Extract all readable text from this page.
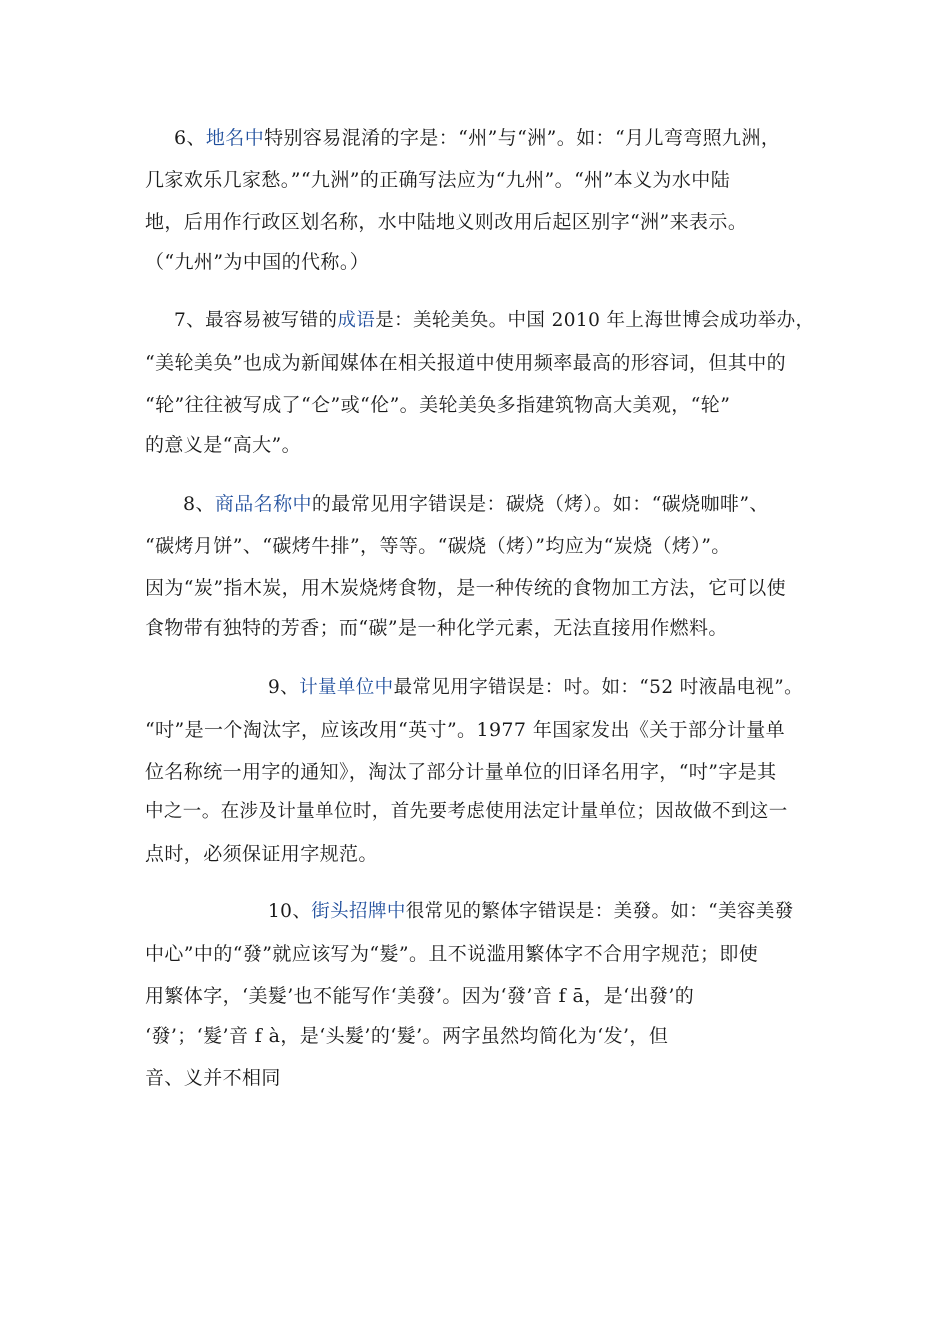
6、地名中特别容易混淆的字是：“州”与“洲”。如：“月儿弯弯照九洲，
几家欢乐几家愁。”“九洲”的正确写法应为“九州”。“州”本义为水中陆
地，后用作行政区划名称，水中陆地义则改用后起区别字“洲”来表示。
（“九州”为中国的代称。）
7、最容易被写错的成语是：美轮美奂。中国 2010 年上海世博会成功举办，
“美轮美奂”也成为新闻媒体在相关报道中使用频率最高的形容词，但其中的
“轮”往往被写成了“仑”或“伦”。美轮美奂多指建筑物高大美观，“轮”
的意义是“高大”。
8、商品名称中的最常见用字错误是：碳烧（烤）。如：“碳烧咖啡”、
“碳烤月饼”、“碳烤牛排”，等等。“碳烧（烤）”均应为“炭烧（烤）”。
因为“炭”指木炭，用木炭烧烤食物，是一种传统的食物加工方法，它可以使
食物带有独特的芳香；而“碳”是一种化学元素，无法直接用作燃料。
9、计量单位中最常见用字错误是：吋。如：“52 吋液晶电视”。
“吋”是一个淘汰字，应该改用“英寸”。1977 年国家发出《关于部分计量单
位名称统一用字的通知》，淘汰了部分计量单位的旧译名用字，“吋”字是其
中之一。在涉及计量单位时，首先要考虑使用法定计量单位；因故做不到这一
点时，必须保证用字规范。
10、街头招牌中很常见的繁体字错误是：美發。如：“美容美發
中心”中的“發”就应该写为“髮”。且不说滥用繁体字不合用字规范；即使
用繁体字，‘美髮’也不能写作‘美發’。因为‘發’音 f ā，是‘出發’的
‘發’；‘髮’音 f à，是‘头髮’的‘髮’。两字虽然均简化为‘发’，但
音、义并不相同
